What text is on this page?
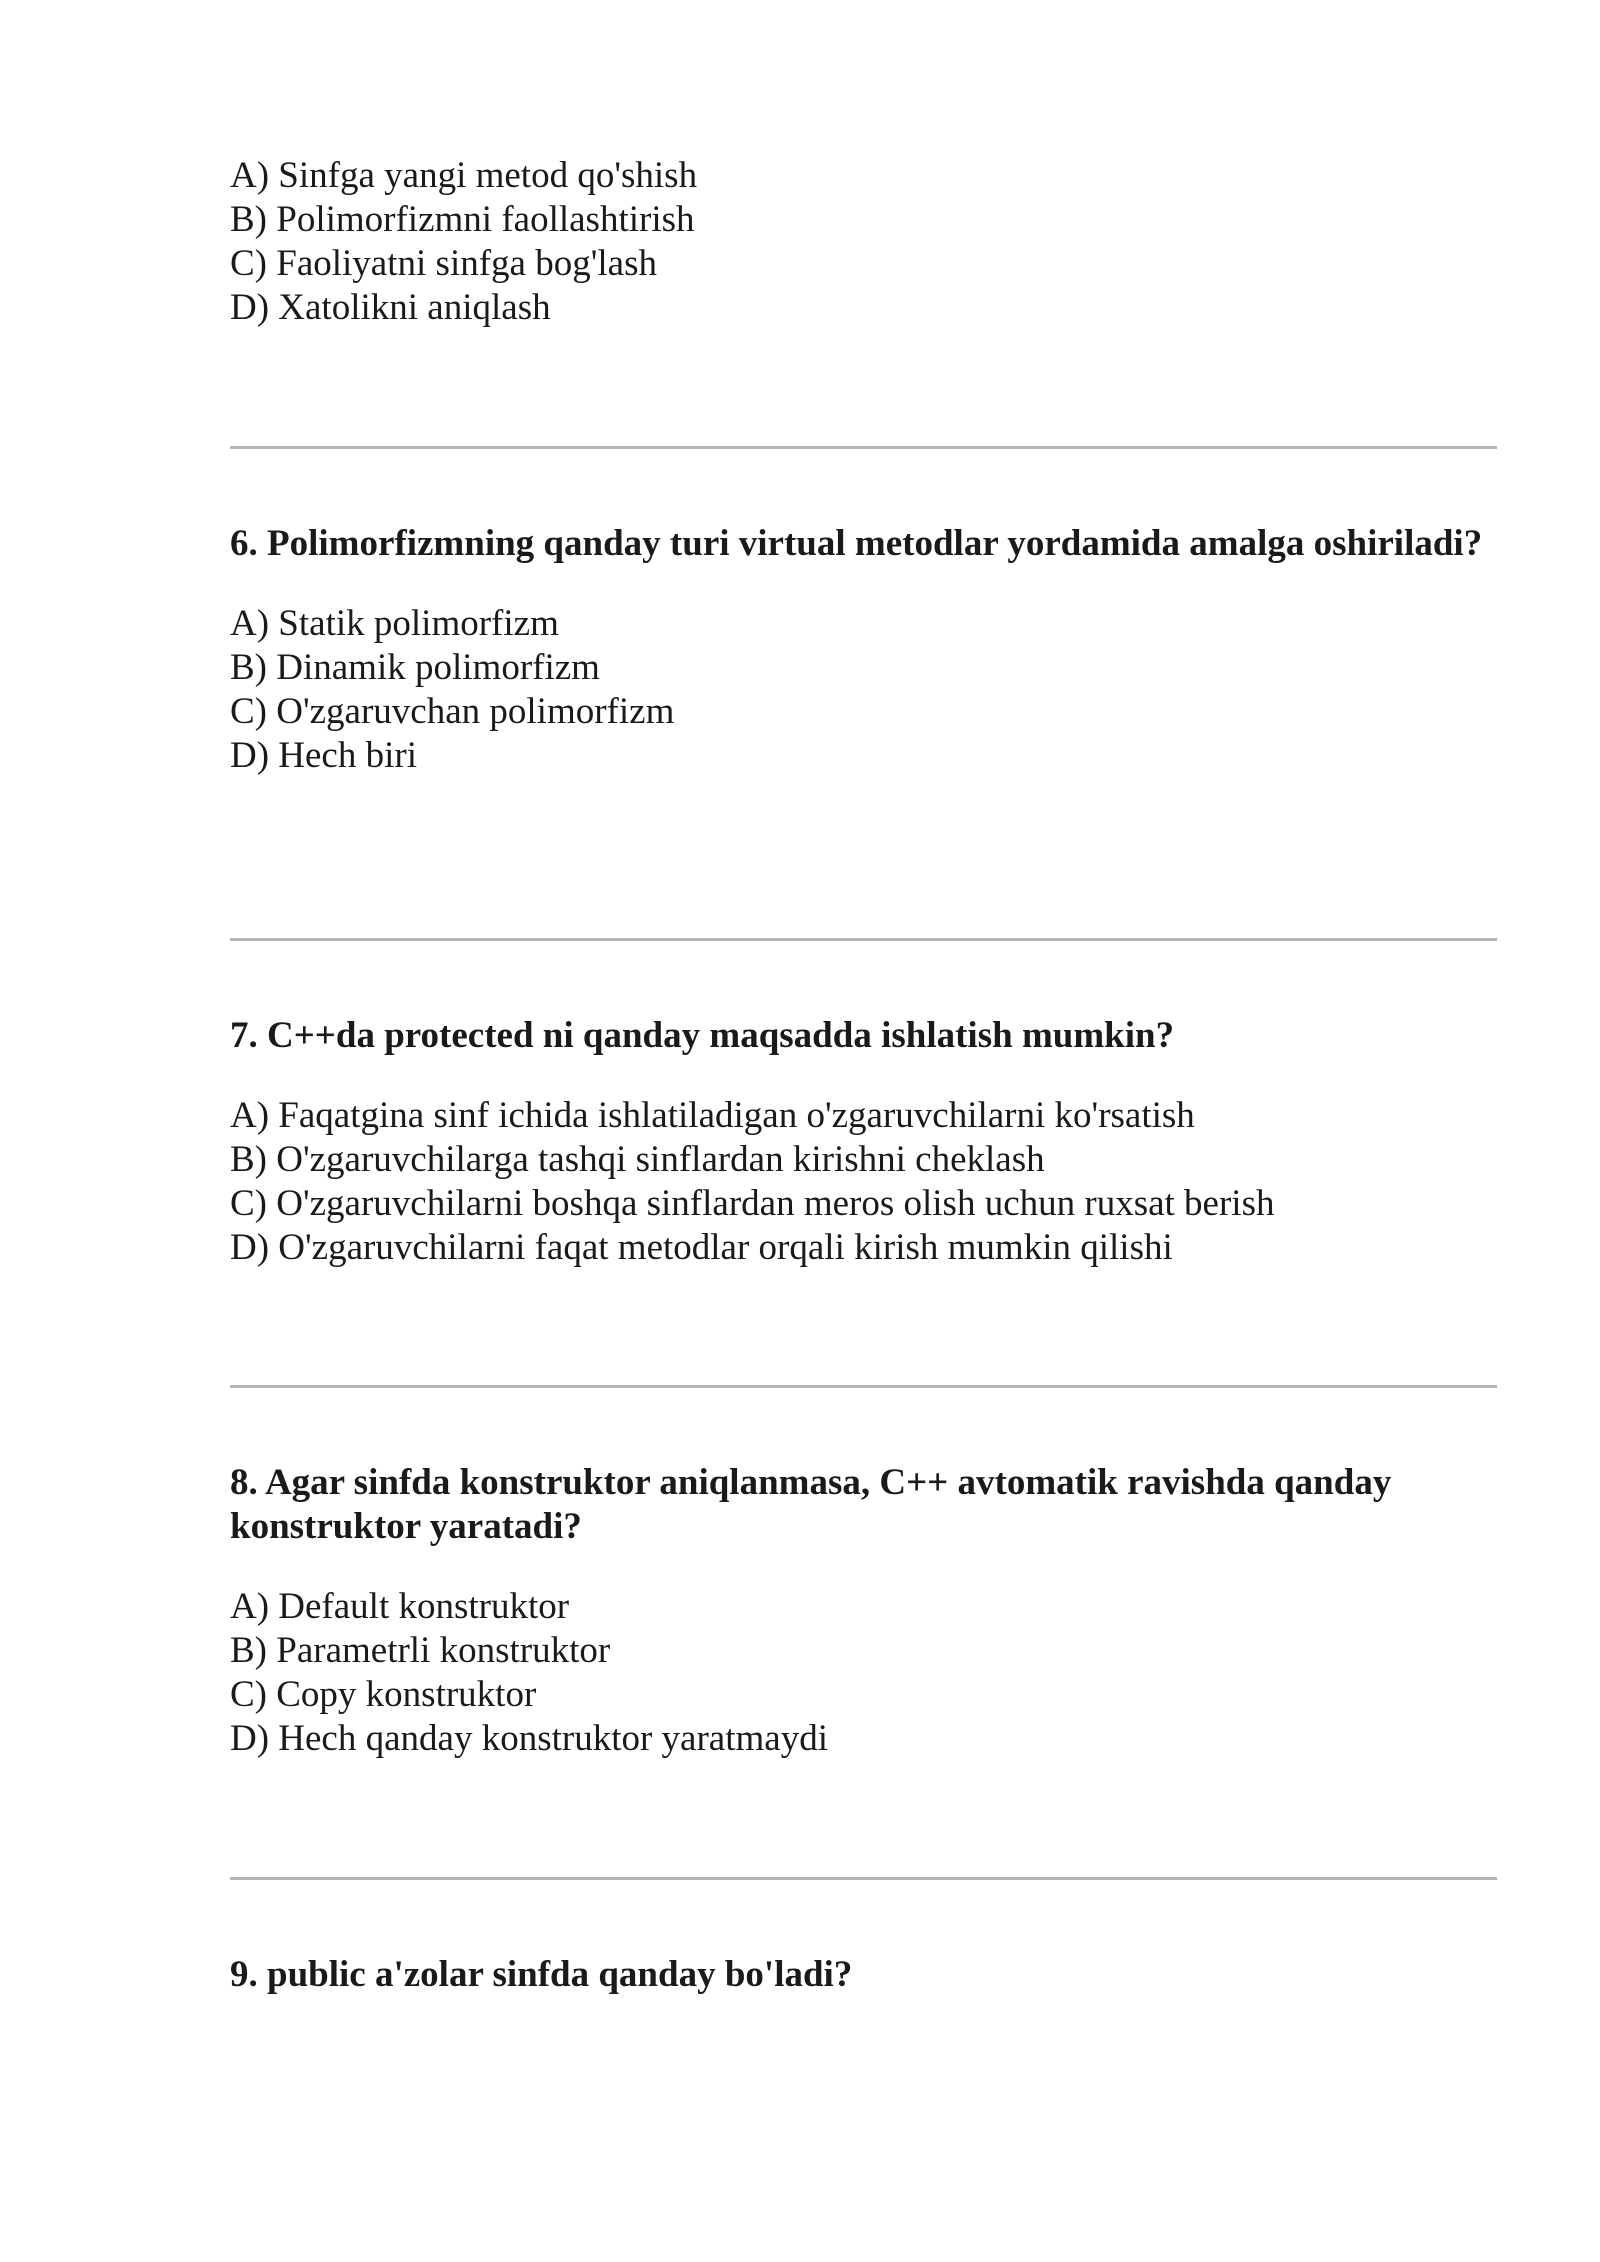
A) Sinfga yangi metod qo'shish
B) Polimorfizmni faollashtirish
C) Faoliyatni sinfga bog'lash
D) Xatolikni aniqlash

6. Polimorfizmning qanday turi virtual metodlar yordamida amalga oshiriladi?

A) Statik polimorfizm
B) Dinamik polimorfizm
C) O'zgaruvchan polimorfizm
D) Hech biri

7. C++da protected ni qanday maqsadda ishlatish mumkin?

A) Faqatgina sinf ichida ishlatiladigan o'zgaruvchilarni ko'rsatish
B) O'zgaruvchilarga tashqi sinflardan kirishni cheklash
C) O'zgaruvchilarni boshqa sinflardan meros olish uchun ruxsat berish
D) O'zgaruvchilarni faqat metodlar orqali kirish mumkin qilishi

8. Agar sinfda konstruktor aniqlanmasa, C++ avtomatik ravishda qanday konstruktor yaratadi?

A) Default konstruktor
B) Parametrli konstruktor
C) Copy konstruktor
D) Hech qanday konstruktor yaratmaydi

9. public a'zolar sinfda qanday bo'ladi?
